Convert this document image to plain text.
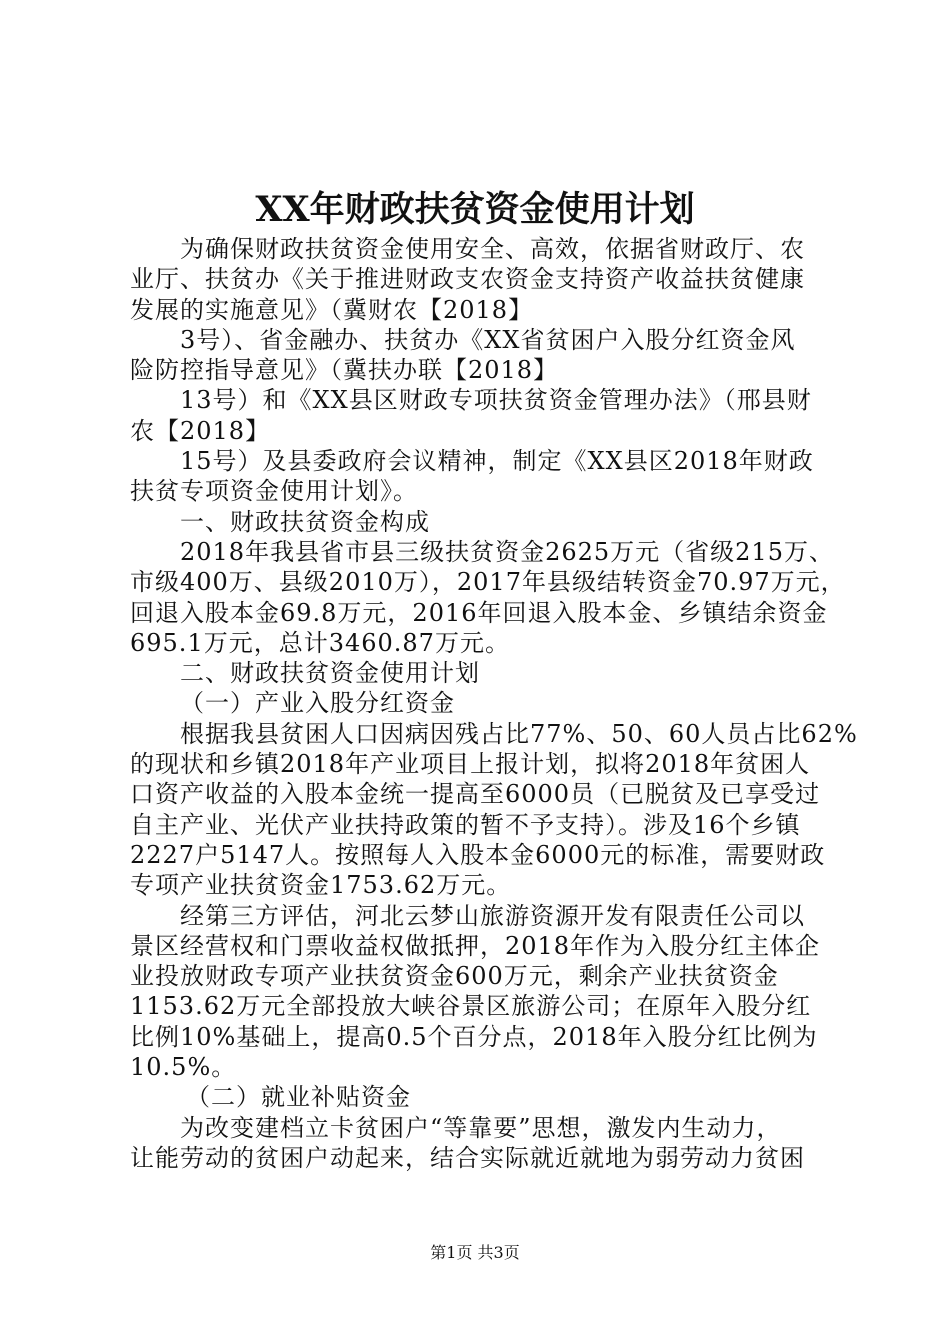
XX年财政扶贫资金使用计划
为确保财政扶贫资金使用安全、高效，依据省财政厅、农
业厅、扶贫办《关于推进财政支农资金支持资产收益扶贫健康
发展的实施意见》（冀财农【2018】
3号）、省金融办、扶贫办《XX省贫困户入股分红资金风
险防控指导意见》（冀扶办联【2018】
13号）和《XX县区财政专项扶贫资金管理办法》（邢县财
农【2018】
15号）及县委政府会议精神，制定《XX县区2018年财政
扶贫专项资金使用计划》。
一、财政扶贫资金构成
2018年我县省市县三级扶贫资金2625万元（省级215万、
市级400万、县级2010万），2017年县级结转资金70.97万元，
回退入股本金69.8万元，2016年回退入股本金、乡镇结余资金
695.1万元，总计3460.87万元。
二、财政扶贫资金使用计划
（一）产业入股分红资金
根据我县贫困人口因病因残占比77%、50、60人员占比62%
的现状和乡镇2018年产业项目上报计划，拟将2018年贫困人
口资产收益的入股本金统一提高至6000员（已脱贫及已享受过
自主产业、光伏产业扶持政策的暂不予支持）。涉及16个乡镇
2227户5147人。按照每人入股本金6000元的标准，需要财政
专项产业扶贫资金1753.62万元。
经第三方评估，河北云梦山旅游资源开发有限责任公司以
景区经营权和门票收益权做抵押，2018年作为入股分红主体企
业投放财政专项产业扶贫资金600万元，剩余产业扶贫资金
1153.62万元全部投放大峡谷景区旅游公司；在原年入股分红
比例10%基础上，提高0.5个百分点，2018年入股分红比例为
10.5%。
（二）就业补贴资金
为改变建档立卡贫困户“等靠要”思想，激发内生动力，
让能劳动的贫困户动起来，结合实际就近就地为弱劳动力贫困
第1页 共3页
